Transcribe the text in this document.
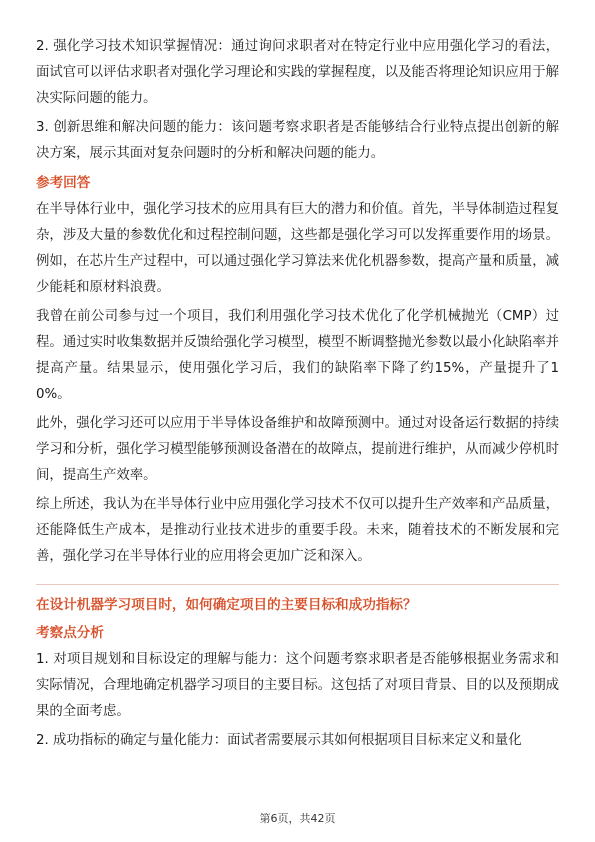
2. 强化学习技术知识掌握情况：通过询问求职者对在特定行业中应用强化学习的看法，面试官可以评估求职者对强化学习理论和实践的掌握程度，以及能否将理论知识应用于解决实际问题的能力。

3. 创新思维和解决问题的能力：该问题考察求职者是否能够结合行业特点提出创新的解决方案，展示其面对复杂问题时的分析和解决问题的能力。

参考回答

在半导体行业中，强化学习技术的应用具有巨大的潜力和价值。首先，半导体制造过程复杂，涉及大量的参数优化和过程控制问题，这些都是强化学习可以发挥重要作用的场景。例如，在芯片生产过程中，可以通过强化学习算法来优化机器参数，提高产量和质量，减少能耗和原材料浪费。

我曾在前公司参与过一个项目，我们利用强化学习技术优化了化学机械抛光（CMP）过程。通过实时收集数据并反馈给强化学习模型，模型不断调整抛光参数以最小化缺陷率并提高产量。结果显示，使用强化学习后，我们的缺陷率下降了约15%，产量提升了10%。

此外，强化学习还可以应用于半导体设备维护和故障预测中。通过对设备运行数据的持续学习和分析，强化学习模型能够预测设备潜在的故障点，提前进行维护，从而减少停机时间，提高生产效率。

综上所述，我认为在半导体行业中应用强化学习技术不仅可以提升生产效率和产品质量，还能降低生产成本，是推动行业技术进步的重要手段。未来，随着技术的不断发展和完善，强化学习在半导体行业的应用将会更加广泛和深入。

在设计机器学习项目时，如何确定项目的主要目标和成功指标？
考察点分析

1. 对项目规划和目标设定的理解与能力：这个问题考察求职者是否能够根据业务需求和实际情况，合理地确定机器学习项目的主要目标。这包括了对项目背景、目的以及预期成果的全面考虑。

2. 成功指标的确定与量化能力：面试者需要展示其如何根据项目目标来定义和量化

第6页，共42页
